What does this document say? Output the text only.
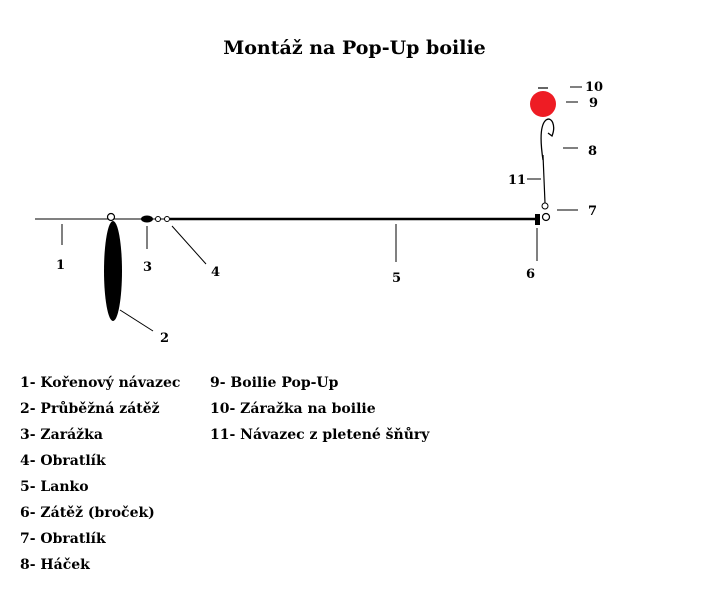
Montáž na Pop-Up boilie
1
2
3	4	5	6
7
8
9
10
11
1- Kořenový návazec
2- Průběžná zátěž
3- Zarážka
4- Obratlík
5- Lanko
6- Zátěž (broček)
7- Obratlík
8- Háček
9- Boilie Pop-Up
10- Záražka na boilie
11- Návazec z pletené šňůry
